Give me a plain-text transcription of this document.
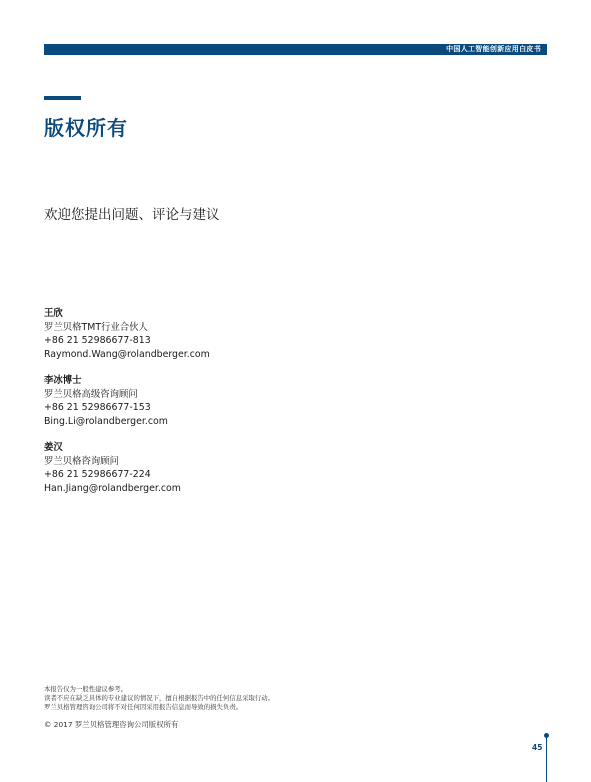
中国人工智能创新应用白皮书
版权所有
欢迎您提出问题、评论与建议
王欣
罗兰贝格TMT行业合伙人
+86 21 52986677-813
Raymond.Wang@rolandberger.com
李冰博士
罗兰贝格高级咨询顾问
+86 21 52986677-153
Bing.Li@rolandberger.com
姜汉
罗兰贝格咨询顾问
+86 21 52986677-224
Han.Jiang@rolandberger.com
本报告仅为一般性建议参考。
读者不应在缺乏具体的专业建议的情况下，擅自根据报告中的任何信息采取行动。
罗兰贝格管理咨询公司将不对任何因采用报告信息而导致的损失负责。
© 2017 罗兰贝格管理咨询公司版权所有
45
